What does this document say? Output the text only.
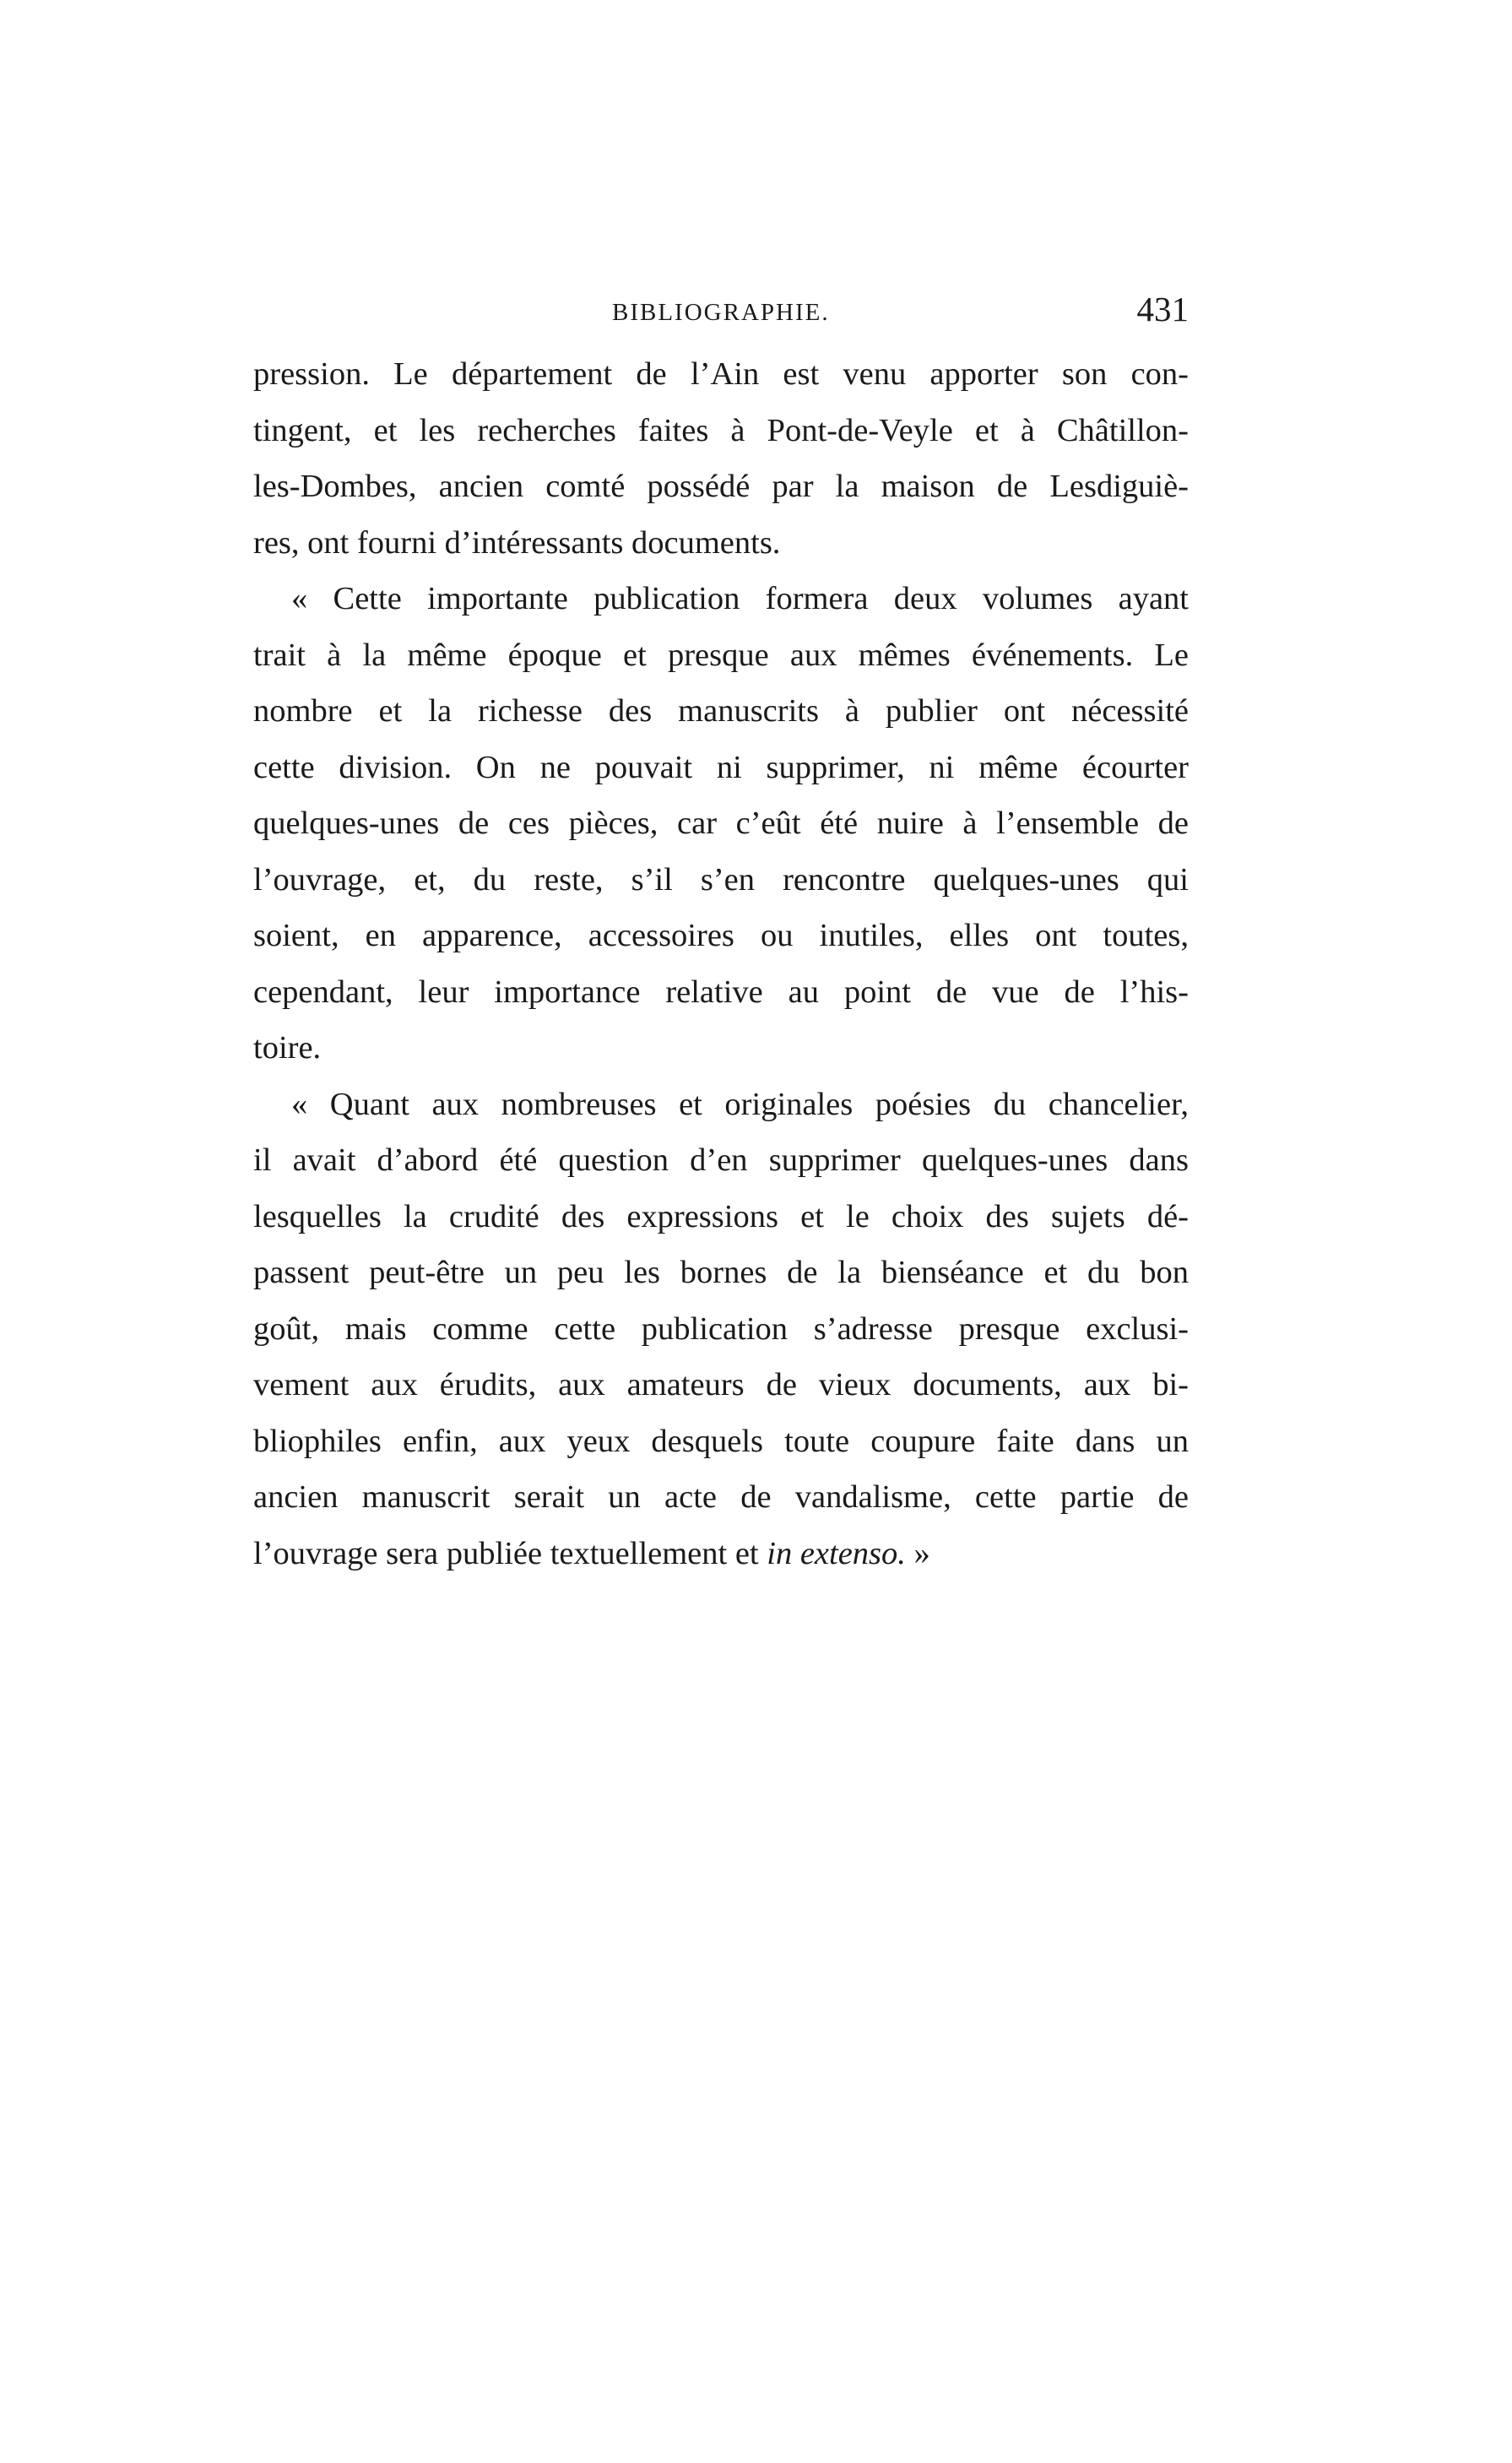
BIBLIOGRAPHIE.	431
pression. Le département de l’Ain est venu apporter son con-
tingent, et les recherches faites à Pont-de-Veyle et à Châtillon-
les-Dombes, ancien comté possédé par la maison de Lesdiguiè-
res, ont fourni d’intéressants documents.
« Cette importante publication formera deux volumes ayant
trait à la même époque et presque aux mêmes événements. Le
nombre et la richesse des manuscrits à publier ont nécessité
cette division. On ne pouvait ni supprimer, ni même écourter
quelques-unes de ces pièces, car c’eût été nuire à l’ensemble de
l’ouvrage, et, du reste, s’il s’en rencontre quelques-unes qui
soient, en apparence, accessoires ou inutiles, elles ont toutes,
cependant, leur importance relative au point de vue de l’his-
toire.
« Quant aux nombreuses et originales poésies du chancelier,
il avait d’abord été question d’en supprimer quelques-unes dans
lesquelles la crudité des expressions et le choix des sujets dé-
passent peut-être un peu les bornes de la bienséance et du bon
goût, mais comme cette publication s’adresse presque exclusi-
vement aux érudits, aux amateurs de vieux documents, aux bi-
bliophiles enfin, aux yeux desquels toute coupure faite dans un
ancien manuscrit serait un acte de vandalisme, cette partie de
l’ouvrage sera publiée textuellement et in extenso. »
